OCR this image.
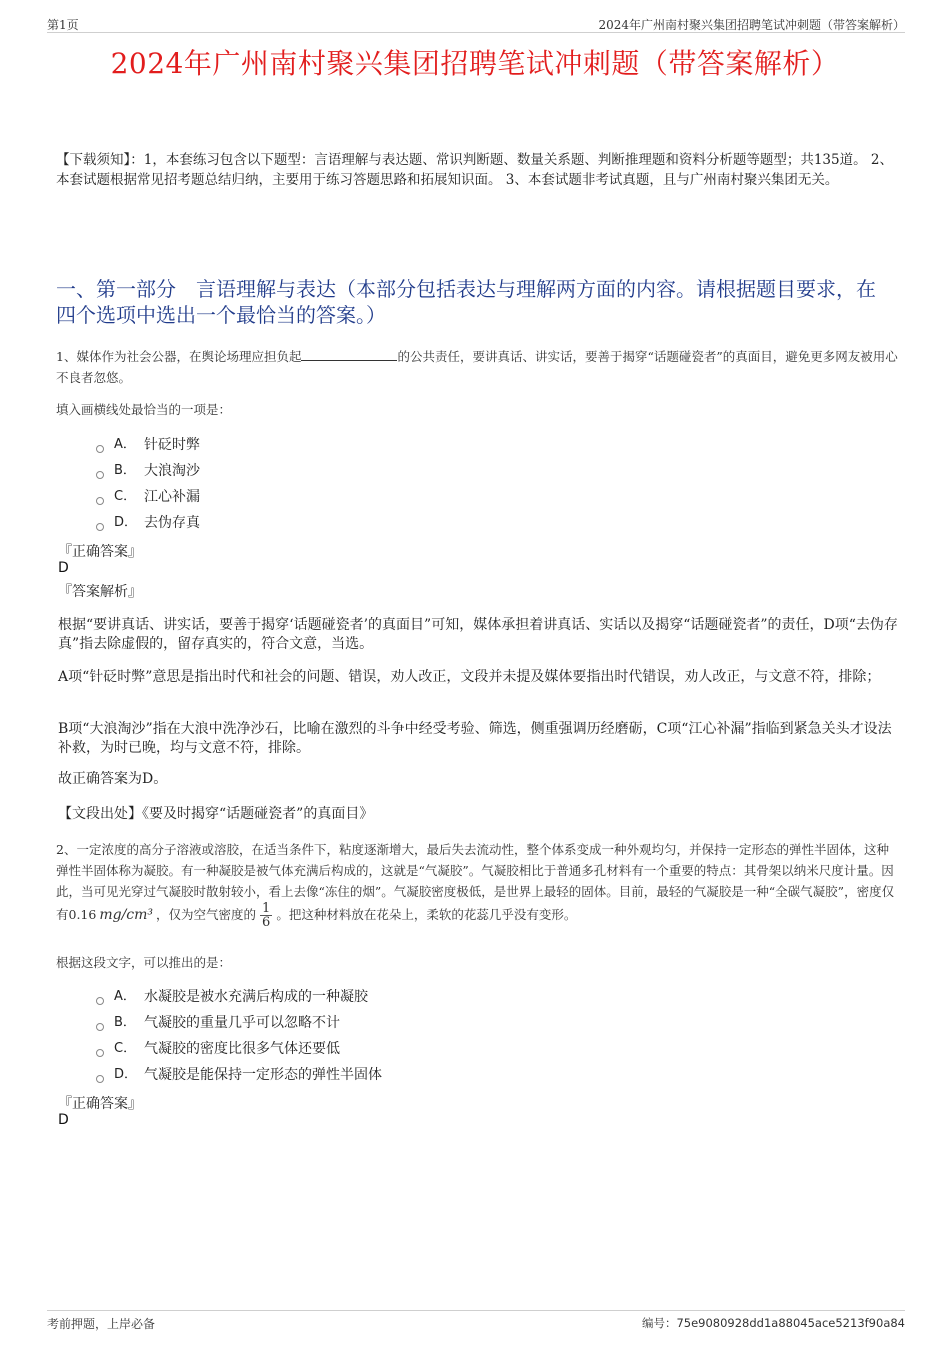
第1页	2024年广州南村聚兴集团招聘笔试冲刺题（带答案解析）
2024年广州南村聚兴集团招聘笔试冲刺题（带答案解析）
【下载须知】：1，本套练习包含以下题型：言语理解与表达题、常识判断题、数量关系题、判断推理题和资料分析题等题型；共135道。 2、本套试题根据常见招考题总结归纳，主要用于练习答题思路和拓展知识面。 3、本套试题非考试真题，且与广州南村聚兴集团无关。
一、第一部分　言语理解与表达（本部分包括表达与理解两方面的内容。请根据题目要求，在四个选项中选出一个最恰当的答案。）
1、媒体作为社会公器，在舆论场理应担负起	的公共责任，要讲真话、讲实话，要善于揭穿“话题碰瓷者”的真面目，避免更多网友被用心不良者忽悠。
填入画横线处最恰当的一项是：
A． 针砭时弊
B． 大浪淘沙
C． 江心补漏
D． 去伪存真
『正确答案』
D
『答案解析』
根据“要讲真话、讲实话，要善于揭穿‘话题碰瓷者’的真面目”可知，媒体承担着讲真话、实话以及揭穿“话题碰瓷者”的责任，D项“去伪存真”指去除虚假的，留存真实的，符合文意，当选。
A项“针砭时弊”意思是指出时代和社会的问题、错误，劝人改正，文段并未提及媒体要指出时代错误，劝人改正，与文意不符，排除；
B项“大浪淘沙”指在大浪中洗净沙石，比喻在激烈的斗争中经受考验、筛选，侧重强调历经磨砺，C项“江心补漏”指临到紧急关头才设法补救，为时已晚，均与文意不符，排除。
故正确答案为D。
【文段出处】《要及时揭穿“话题碰瓷者”的真面目》
2、一定浓度的高分子溶液或溶胶，在适当条件下，粘度逐渐增大，最后失去流动性，整个体系变成一种外观均匀，并保持一定形态的弹性半固体，这种弹性半固体称为凝胶。有一种凝胶是被气体充满后构成的，这就是“气凝胶”。气凝胶相比于普通多孔材料有一个重要的特点：其骨架以纳米尺度计量。因此，当可见光穿过气凝胶时散射较小，看上去像“冻住的烟”。气凝胶密度极低，是世界上最轻的固体。目前，最轻的气凝胶是一种“全碳气凝胶”，密度仅有0.16 mg/cm³ ，仅为空气密度的 $\frac{1}{6}$ 。把这种材料放在花朵上，柔软的花蕊几乎没有变形。
根据这段文字，可以推出的是：
A． 水凝胶是被水充满后构成的一种凝胶
B． 气凝胶的重量几乎可以忽略不计
C． 气凝胶的密度比很多气体还要低
D． 气凝胶是能保持一定形态的弹性半固体
『正确答案』
D
考前押题，上岸必备	编号：75e9080928dd1a88045ace5213f90a84
